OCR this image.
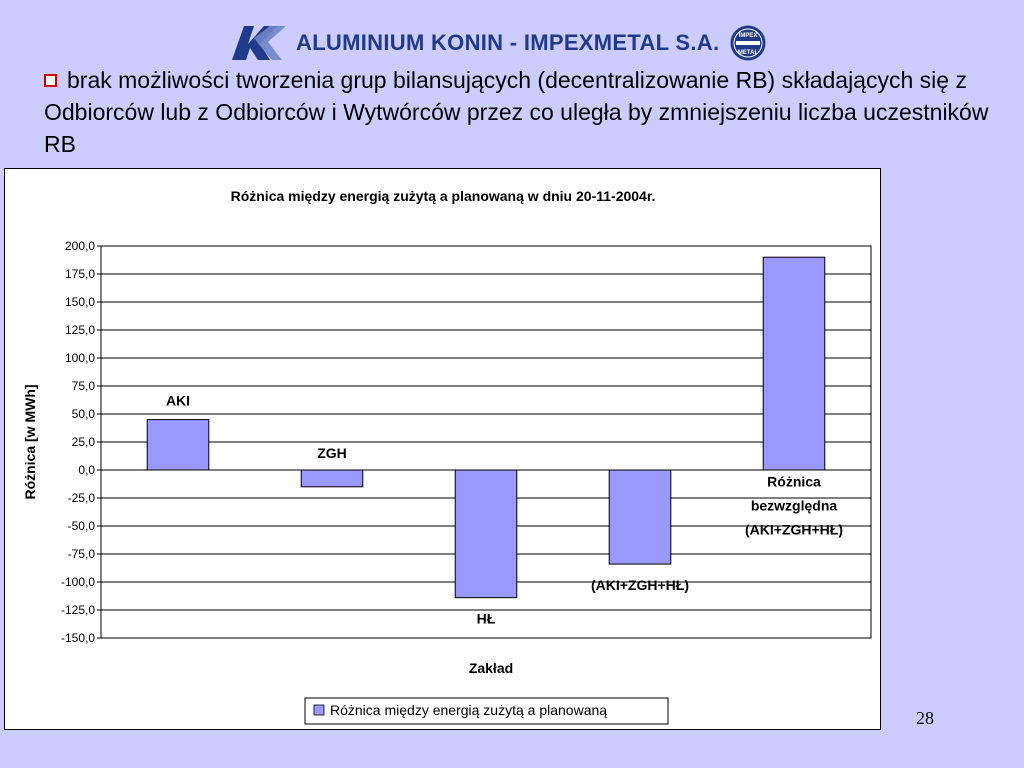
ALUMINIUM KONIN - IMPEXMETAL S.A.	IMPEX
METAL
brak możliwości tworzenia grup bilansujących (decentralizowanie RB) składających się z Odbiorców lub z Odbiorców i Wytwórców przez co uległa by zmniejszeniu liczba uczestników RB
Różnica między energią zużytą a planowaną w dniu 20-11-2004r.
200,0
175,0
150,0
125,0
100,0
75,0
50,0
25,0
0,0
-25,0
-50,0
-75,0
-100,0
-125,0
-150,0
AKI
ZGH
HŁ
(AKI+ZGH+HŁ)
Różnica
bezwzględna
(AKI+ZGH+HŁ)
Różnica [w MWh]
Zakład
Różnica między energią zużytą a planowaną	28
